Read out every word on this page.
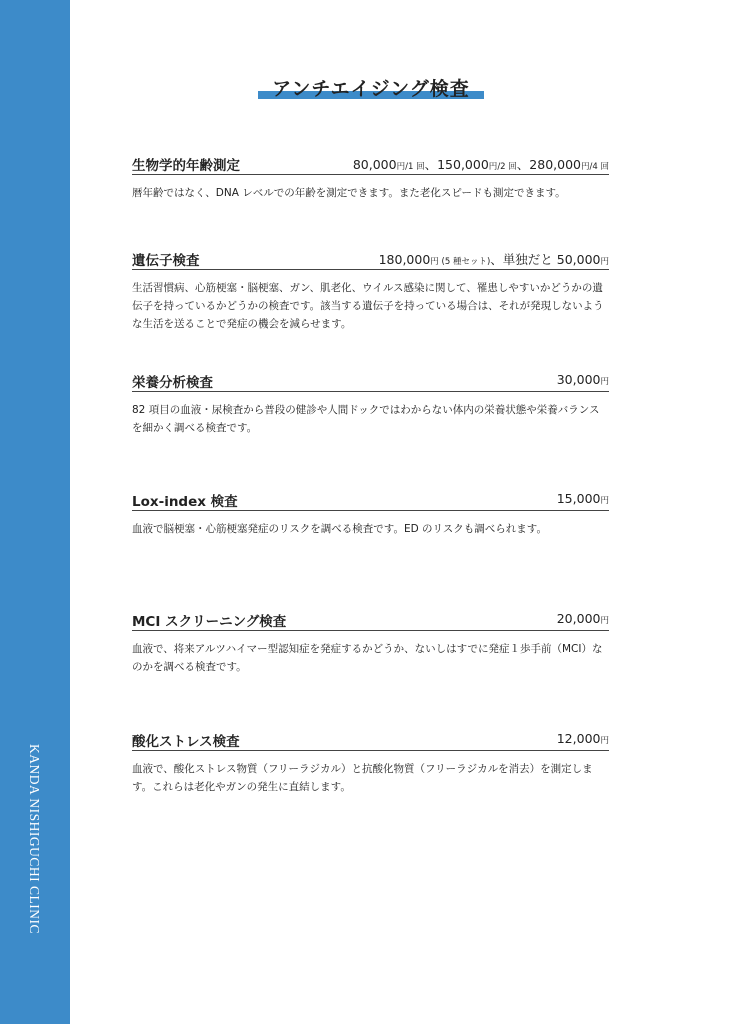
KANDA NISHIGUCHI CLINIC
アンチエイジング検査
生物学的年齢測定	80,000円/1 回、150,000円/2 回、280,000円/4 回
暦年齢ではなく、DNA レベルでの年齢を測定できます。また老化スピードも測定できます。
遺伝子検査	180,000円 (5 種セット)、単独だと 50,000円
生活習慣病、心筋梗塞・脳梗塞、ガン、肌老化、ウイルス感染に関して、罹患しやすいかどうかの遺伝子を持っているかどうかの検査です。該当する遺伝子を持っている場合は、それが発現しないような生活を送ることで発症の機会を減らせます。
栄養分析検査	30,000円
82 項目の血液・尿検査から普段の健診や人間ドックではわからない体内の栄養状態や栄養バランスを細かく調べる検査です。
Lox-index 検査	15,000円
血液で脳梗塞・心筋梗塞発症のリスクを調べる検査です。ED のリスクも調べられます。
MCI スクリーニング検査	20,000円
血液で、将来アルツハイマー型認知症を発症するかどうか、ないしはすでに発症１歩手前（MCI）なのかを調べる検査です。
酸化ストレス検査	12,000円
血液で、酸化ストレス物質（フリーラジカル）と抗酸化物質（フリーラジカルを消去）を測定します。これらは老化やガンの発生に直結します。
